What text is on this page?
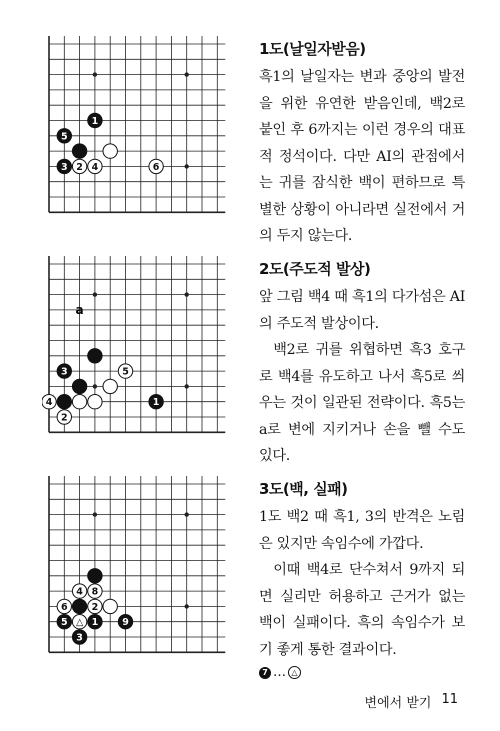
1
5
3 2 4	6
1도(날일자받음)

흑1의 날일자는 변과 중앙의 발전을 위한 유연한 받음인데, 백2로 붙인 후 6까지는 이런 경우의 대표적 정석이다. 다만 AI의 관점에서는 귀를 잠식한 백이 편하므로 특별한 상황이 아니라면 실전에서 거의 두지 않는다.

a
3	5
4	1
2
2도(주도적 발상)

앞 그림 백4 때 흑1의 다가섬은 AI의 주도적 발상이다.

백2로 귀를 위협하면 흑3 호구로 백4를 유도하고 나서 흑5로 씌우는 것이 일관된 전략이다. 흑5는 a로 변에 지키거나 손을 뺄 수도 있다.

4 8
6	2
5 △ 1	9
3
3도(백, 실패)

1도 백2 때 흑1, 3의 반격은 노림은 있지만 속임수에 가깝다.

이때 백4로 단수쳐서 9까지 되면 실리만 허용하고 근거가 없는 백이 실패이다. 흑의 속임수가 보기 좋게 통한 결과이다.

7 … △
변에서 받기 11
